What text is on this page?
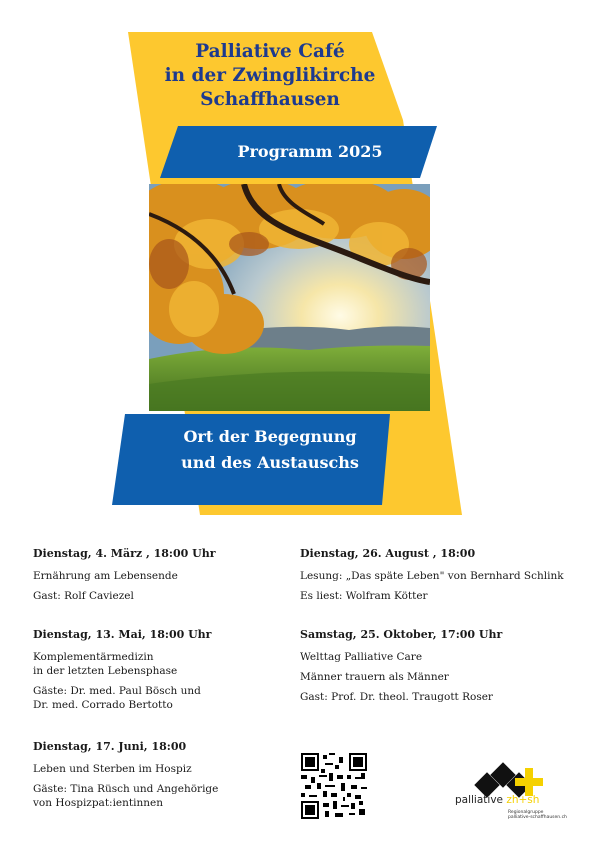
Palliative Café
in der Zwinglikirche
Schaffhausen
Programm 2025
Ort der Begegnung
und des Austauschs
Dienstag, 4. März , 18:00 Uhr
Ernährung am Lebensende
Gast: Rolf Caviezel
Dienstag, 13. Mai, 18:00 Uhr
Komplementärmedizin
in der letzten Lebensphase
Gäste: Dr. med. Paul Bösch und
Dr. med. Corrado Bertotto
Dienstag, 17. Juni, 18:00
Leben und Sterben im Hospiz
Gäste: Tina Rüsch und Angehörige
von Hospizpat:ientinnen
Dienstag, 26. August , 18:00
Lesung: „Das späte Leben" von Bernhard Schlink
Es liest: Wolfram Kötter
Samstag, 25. Oktober, 17:00 Uhr
Welttag Palliative Care
Männer trauern als Männer
Gast: Prof. Dr. theol. Traugott Roser
palliative zh+sh
Regionalgruppe
palliative-schaffhausen.ch
